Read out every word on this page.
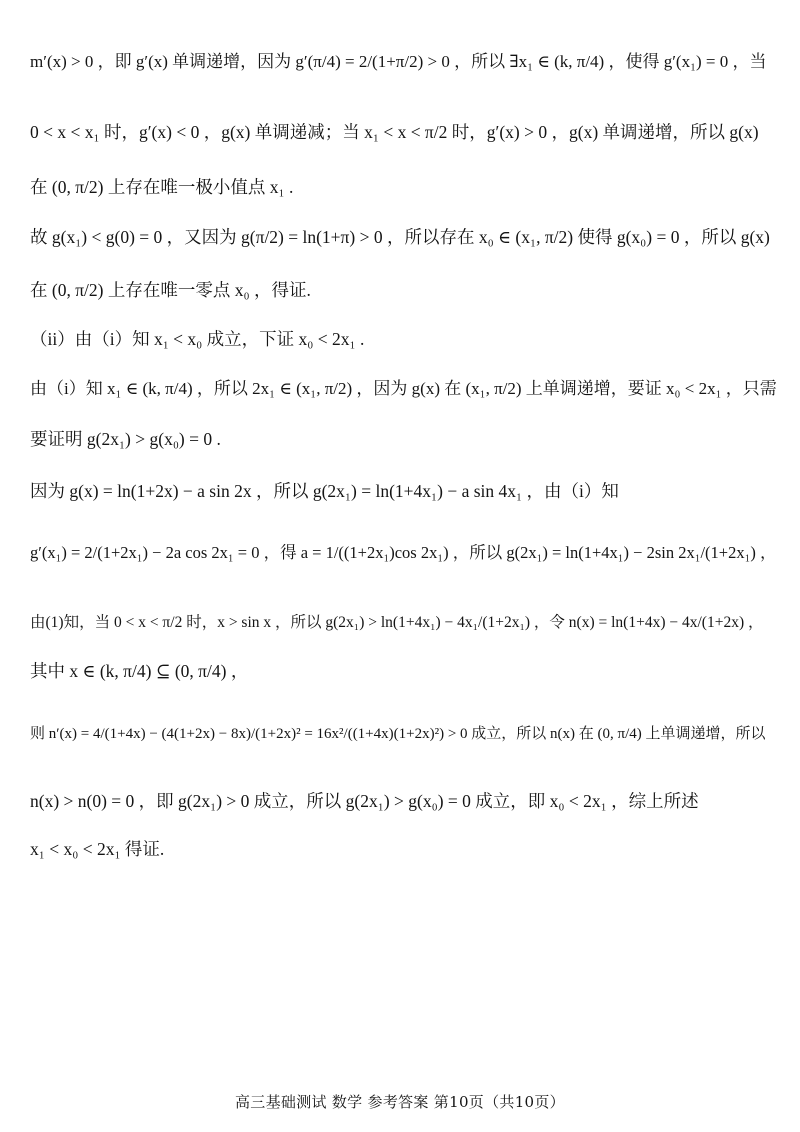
m′(x) > 0 ，即 g′(x) 单调递增，因为 g′(π/4) = 2/(1+π/2) > 0 ，所以 ∃x₁ ∈ (k, π/4) ，使得 g′(x₁) = 0 ，当
0 < x < x₁ 时，g′(x) < 0 ，g(x) 单调递减；当 x₁ < x < π/2 时，g′(x) > 0 ，g(x) 单调递增，所以 g(x)
在 (0, π/2) 上存在唯一极小值点 x₁ .
故 g(x₁) < g(0) = 0 ，又因为 g(π/2) = ln(1+π) > 0 ，所以存在 x₀ ∈ (x₁, π/2) 使得 g(x₀) = 0 ，所以 g(x)
在 (0, π/2) 上存在唯一零点 x₀ ，得证.
（ii）由（i）知 x₁ < x₀ 成立，下证 x₀ < 2x₁ .
由（i）知 x₁ ∈ (k, π/4) ，所以 2x₁ ∈ (x₁, π/2) ，因为 g(x) 在 (x₁, π/2) 上单调递增，要证 x₀ < 2x₁ ，只需
要证明 g(2x₁) > g(x₀) = 0 .
因为 g(x) = ln(1+2x) − a sin 2x ，所以 g(2x₁) = ln(1+4x₁) − a sin 4x₁ ，由（i）知
g′(x₁) = 2/(1+2x₁) − 2a cos 2x₁ = 0 ，得 a = 1/((1+2x₁)cos 2x₁) ，所以 g(2x₁) = ln(1+4x₁) − 2sin 2x₁/(1+2x₁) ，
由(1)知，当 0 < x < π/2 时，x > sin x ，所以 g(2x₁) > ln(1+4x₁) − 4x₁/(1+2x₁) ，令 n(x) = ln(1+4x) − 4x/(1+2x) ，
其中 x ∈ (k, π/4) ⊆ (0, π/4) ，
则 n′(x) = 4/(1+4x) − (4(1+2x) − 8x)/(1+2x)² = 16x²/((1+4x)(1+2x)²) > 0 成立，所以 n(x) 在 (0, π/4) 上单调递增，所以
n(x) > n(0) = 0 ，即 g(2x₁) > 0 成立，所以 g(2x₁) > g(x₀) = 0 成立，即 x₀ < 2x₁ ，综上所述
x₁ < x₀ < 2x₁ 得证.
高三基础测试 数学 参考答案 第10页（共10页）
